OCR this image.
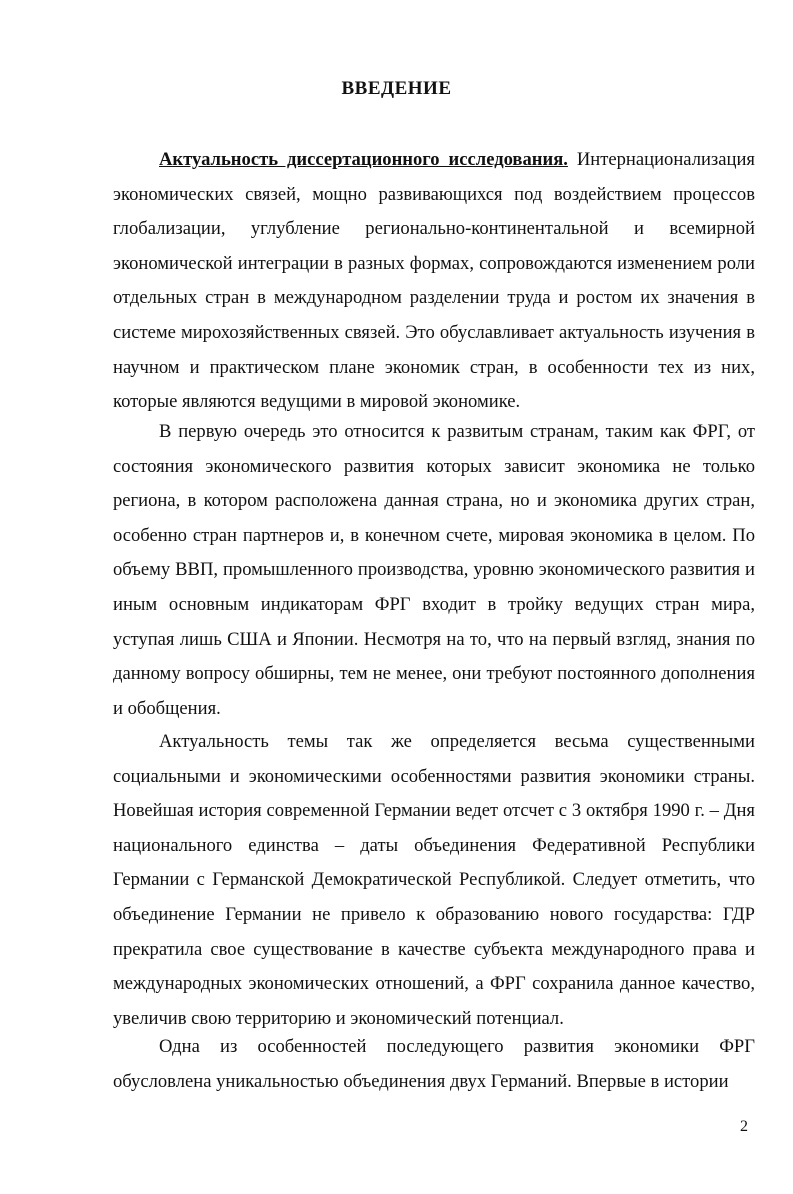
ВВЕДЕНИЕ

Актуальность диссертационного исследования. Интернационализация экономических связей, мощно развивающихся под воздействием процессов глобализации, углубление регионально-континентальной и всемирной экономической интеграции в разных формах, сопровождаются изменением роли отдельных стран в международном разделении труда и ростом их значения в системе мирохозяйственных связей. Это обуславливает актуальность изучения в научном и практическом плане экономик стран, в особенности тех из них, которые являются ведущими в мировой экономике.

В первую очередь это относится к развитым странам, таким как ФРГ, от состояния экономического развития которых зависит экономика не только региона, в котором расположена данная страна, но и экономика других стран, особенно стран партнеров и, в конечном счете, мировая экономика в целом. По объему ВВП, промышленного производства, уровню экономического развития и иным основным индикаторам ФРГ входит в тройку ведущих стран мира, уступая лишь США и Японии. Несмотря на то, что на первый взгляд, знания по данному вопросу обширны, тем не менее, они требуют постоянного дополнения и обобщения.

Актуальность темы так же определяется весьма существенными социальными и экономическими особенностями развития экономики страны. Новейшая история современной Германии ведет отсчет с 3 октября 1990 г. – Дня национального единства – даты объединения Федеративной Республики Германии с Германской Демократической Республикой. Следует отметить, что объединение Германии не привело к образованию нового государства: ГДР прекратила свое существование в качестве субъекта международного права и международных экономических отношений, а ФРГ сохранила данное качество, увеличив свою территорию и экономический потенциал.

Одна из особенностей последующего развития экономики ФРГ обусловлена уникальностью объединения двух Германий. Впервые в истории

2
